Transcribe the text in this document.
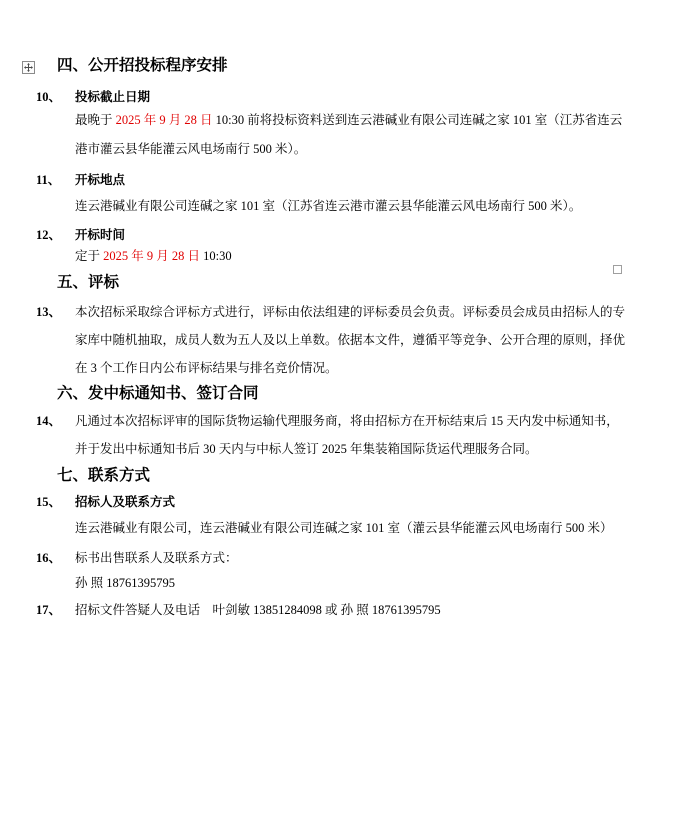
四、公开招投标程序安排
10、 投标截止日期
最晚于 2025 年 9 月 28 日 10:30 前将投标资料送到连云港碱业有限公司连碱之家 101 室（江苏省连云
港市灌云县华能灌云风电场南行 500 米）。
11、 开标地点
连云港碱业有限公司连碱之家 101 室（江苏省连云港市灌云县华能灌云风电场南行 500 米）。
12、 开标时间
定于 2025 年 9 月 28 日 10:30
五、评标
13、 本次招标采取综合评标方式进行，评标由依法组建的评标委员会负责。评标委员会成员由招标人的专
家库中随机抽取，成员人数为五人及以上单数。依据本文件，遵循平等竞争、公开合理的原则，择优
在 3 个工作日内公布评标结果与排名竞价情况。
六、发中标通知书、签订合同
14、 凡通过本次招标评审的国际货物运输代理服务商，将由招标方在开标结束后 15 天内发中标通知书，
并于发出中标通知书后 30 天内与中标人签订 2025 年集装箱国际货运代理服务合同。
七、联系方式
15、 招标人及联系方式
连云港碱业有限公司，连云港碱业有限公司连碱之家 101 室（灌云县华能灌云风电场南行 500 米）
16、 标书出售联系人及联系方式：
孙 照 18761395795
17、 招标文件答疑人及电话　叶剑敏 13851284098 或 孙 照 18761395795
